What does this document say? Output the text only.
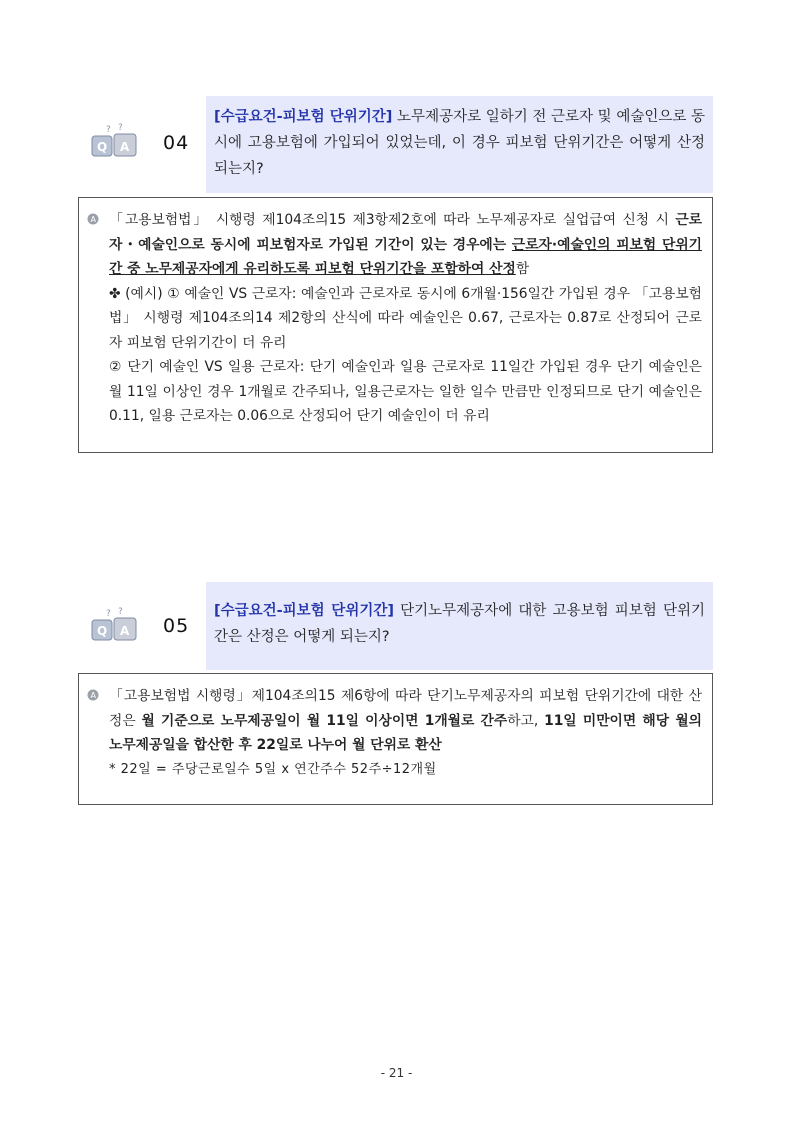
Q A
? ?
04
[수급요건-피보험 단위기간] 노무제공자로 일하기 전 근로자 및 예술인으로 동시에 고용보험에 가입되어 있었는데, 이 경우 피보험 단위기간은 어떻게 산정되는지?
A 「고용보험법」 시행령 제104조의15 제3항제2호에 따라 노무제공자로 실업급여 신청 시 근로자・예술인으로 동시에 피보험자로 가입된 기간이 있는 경우에는 근로자·예술인의 피보험 단위기간 중 노무제공자에게 유리하도록 피보험 단위기간을 포함하여 산정함
✤ (예시) ① 예술인 VS 근로자: 예술인과 근로자로 동시에 6개월·156일간 가입된 경우 「고용보험법」 시행령 제104조의14 제2항의 산식에 따라 예술인은 0.67, 근로자는 0.87로 산정되어 근로자 피보험 단위기간이 더 유리
② 단기 예술인 VS 일용 근로자: 단기 예술인과 일용 근로자로 11일간 가입된 경우 단기 예술인은 월 11일 이상인 경우 1개월로 간주되나, 일용근로자는 일한 일수 만큼만 인정되므로 단기 예술인은 0.11, 일용 근로자는 0.06으로 산정되어 단기 예술인이 더 유리
Q A
? ?
05
[수급요건-피보험 단위기간] 단기노무제공자에 대한 고용보험 피보험 단위기간은 산정은 어떻게 되는지?
A 「고용보험법 시행령」제104조의15 제6항에 따라 단기노무제공자의 피보험 단위기간에 대한 산정은 월 기준으로 노무제공일이 월 11일 이상이면 1개월로 간주하고, 11일 미만이면 해당 월의 노무제공일을 합산한 후 22일로 나누어 월 단위로 환산
* 22일 = 주당근로일수 5일 x 연간주수 52주÷12개월
- 21 -
